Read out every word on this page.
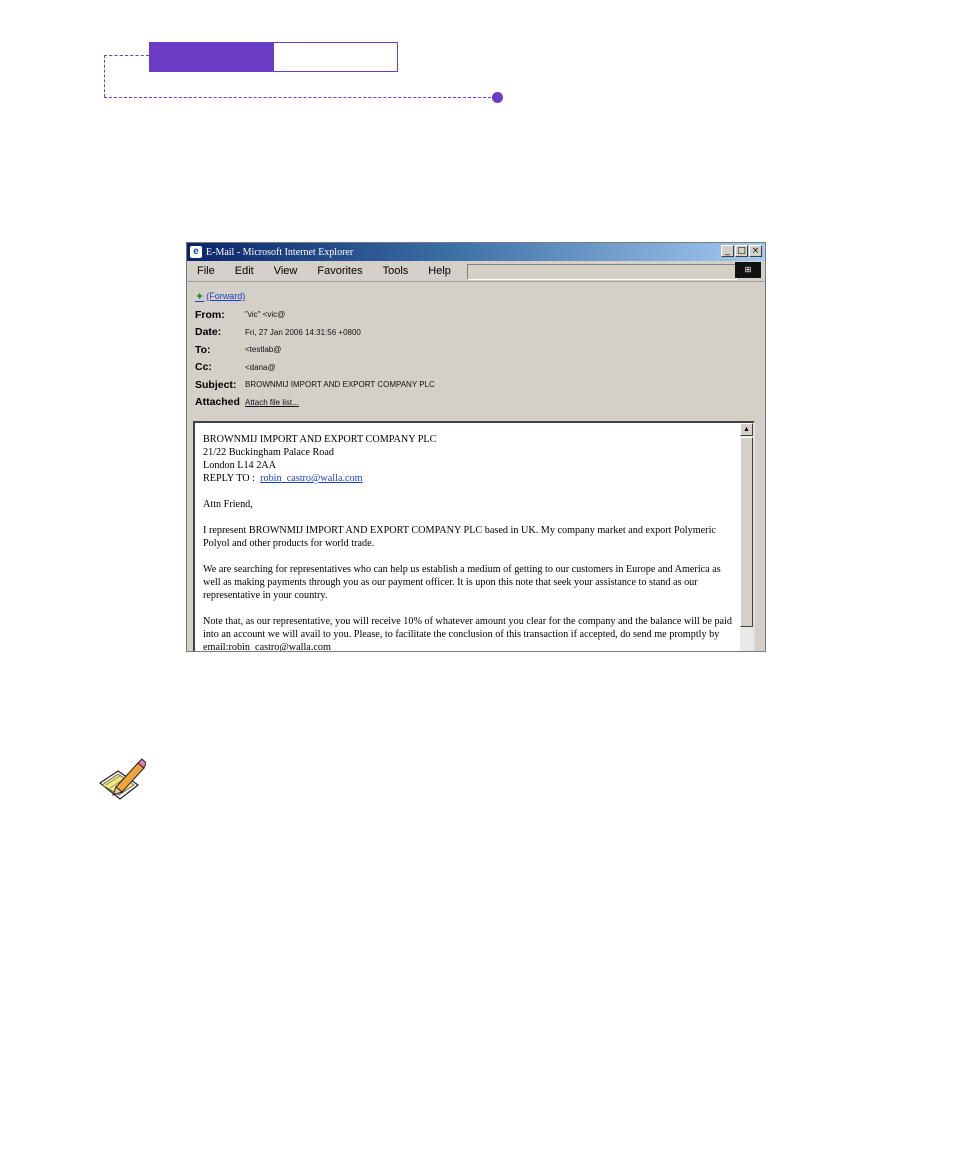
e E-Mail - Microsoft Internet Explorer	_ □ ×
File	Edit	View	Favorites	Tools	Help	⊞
✦ (Forward)
From:	"vic" <vic@
Date:	Fri, 27 Jan 2006 14:31:56 +0800
To:	<testlab@
Cc:	<dana@
Subject:	BROWNMIJ IMPORT AND EXPORT COMPANY PLC
Attached Attach file list...

BROWNMIJ IMPORT AND EXPORT COMPANY PLC
21/22 Buckingham Palace Road
London L14 2AA
REPLY TO : robin_castro@walla.com

Attn Friend,

I represent BROWNMIJ IMPORT AND EXPORT COMPANY PLC based in UK. My company market and export Polymeric Polyol and other products for world trade.

We are searching for representatives who can help us establish a medium of getting to our customers in Europe and America as well as making payments through you as our payment officer. It is upon this note that seek your assistance to stand as our representative in your country.

Note that, as our representative, you will receive 10% of whatever amount you clear for the company and the balance will be paid into an account we will avail to you. Please, to facilitate the conclusion of this transaction if accepted, do send me promptly by email:robin_castro@walla.com

▲
